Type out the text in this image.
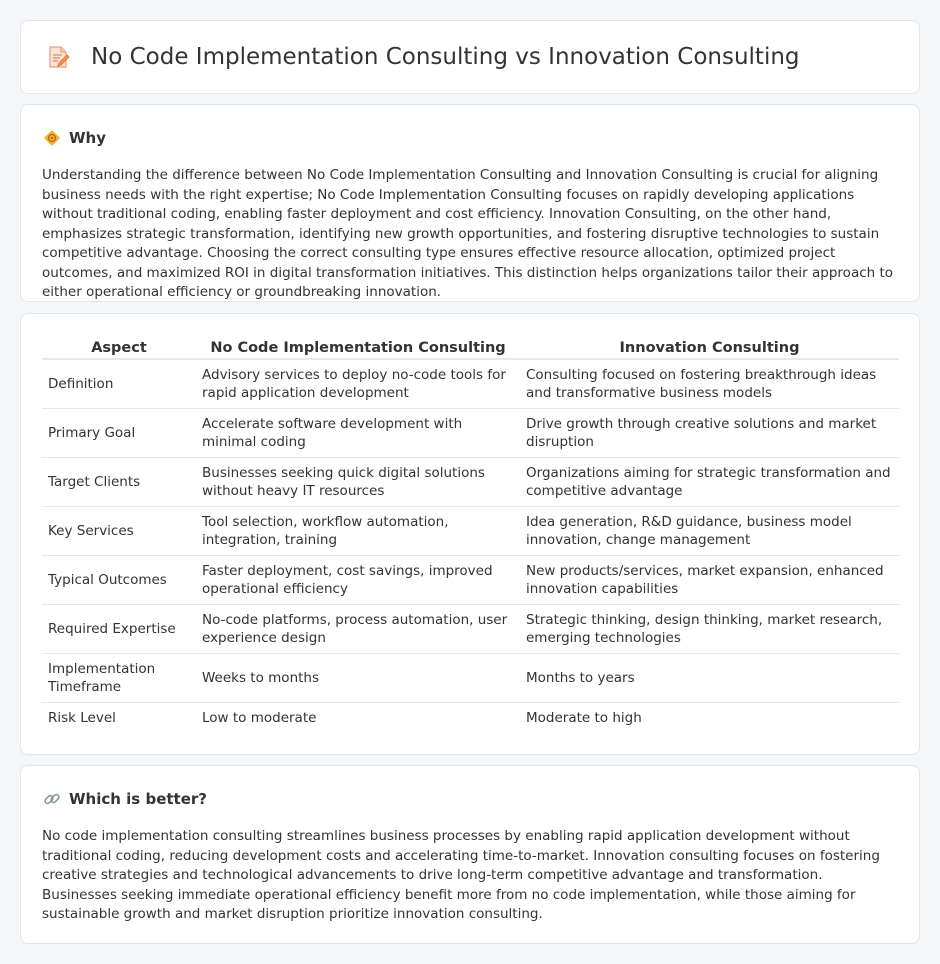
No Code Implementation Consulting vs Innovation Consulting
Why

Understanding the difference between No Code Implementation Consulting and Innovation Consulting is crucial for aligning business needs with the right expertise; No Code Implementation Consulting focuses on rapidly developing applications without traditional coding, enabling faster deployment and cost efficiency. Innovation Consulting, on the other hand, emphasizes strategic transformation, identifying new growth opportunities, and fostering disruptive technologies to sustain competitive advantage. Choosing the correct consulting type ensures effective resource allocation, optimized project outcomes, and maximized ROI in digital transformation initiatives. This distinction helps organizations tailor their approach to either operational efficiency or groundbreaking innovation.

Aspect	No Code Implementation Consulting	Innovation Consulting
Definition	Advisory services to deploy no-code tools for rapid application development	Consulting focused on fostering breakthrough ideas and transformative business models
Primary Goal	Accelerate software development with minimal coding	Drive growth through creative solutions and market disruption
Target Clients	Businesses seeking quick digital solutions without heavy IT resources	Organizations aiming for strategic transformation and competitive advantage
Key Services	Tool selection, workflow automation, integration, training	Idea generation, R&D guidance, business model innovation, change management
Typical Outcomes	Faster deployment, cost savings, improved operational efficiency	New products/services, market expansion, enhanced innovation capabilities
Required Expertise	No-code platforms, process automation, user experience design	Strategic thinking, design thinking, market research, emerging technologies
Implementation Timeframe	Weeks to months	Months to years
Risk Level	Low to moderate	Moderate to high
Which is better?

No code implementation consulting streamlines business processes by enabling rapid application development without traditional coding, reducing development costs and accelerating time-to-market. Innovation consulting focuses on fostering creative strategies and technological advancements to drive long-term competitive advantage and transformation. Businesses seeking immediate operational efficiency benefit more from no code implementation, while those aiming for sustainable growth and market disruption prioritize innovation consulting.
